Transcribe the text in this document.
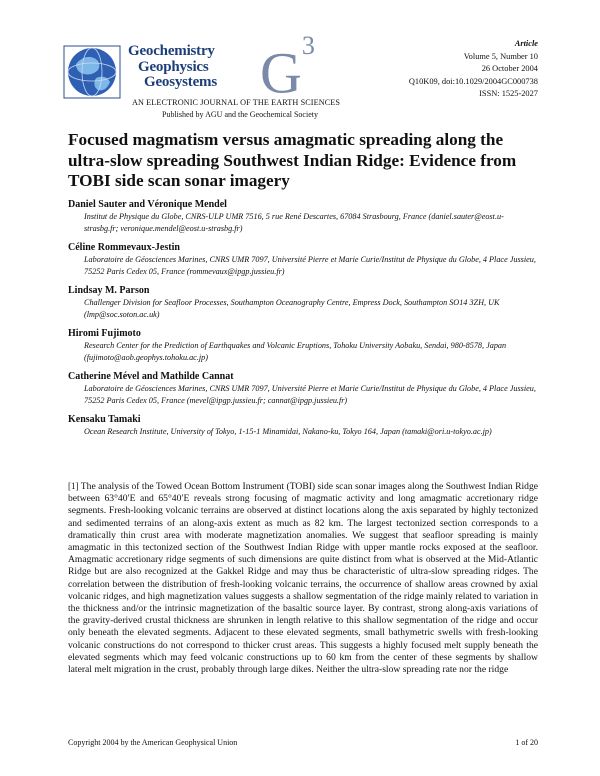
Geochemistry
Geophysics
Geosystems $G^3$
AN ELECTRONIC JOURNAL OF THE EARTH SCIENCES
Published by AGU and the Geochemical Society
Article
Volume 5, Number 10
26 October 2004
Q10K09, doi:10.1029/2004GC000738
ISSN: 1525-2027
Focused magmatism versus amagmatic spreading along the ultra-slow spreading Southwest Indian Ridge: Evidence from TOBI side scan sonar imagery
Daniel Sauter and Véronique Mendel
Institut de Physique du Globe, CNRS-ULP UMR 7516, 5 rue René Descartes, 67084 Strasbourg, France (daniel.sauter@eost.u-strasbg.fr; veronique.mendel@eost.u-strasbg.fr)
Céline Rommevaux-Jestin
Laboratoire de Géosciences Marines, CNRS UMR 7097, Université Pierre et Marie Curie/Institut de Physique du Globe, 4 Place Jussieu, 75252 Paris Cedex 05, France (rommevaux@ipgp.jussieu.fr)
Lindsay M. Parson
Challenger Division for Seafloor Processes, Southampton Oceanography Centre, Empress Dock, Southampton SO14 3ZH, UK (lmp@soc.soton.ac.uk)
Hiromi Fujimoto
Research Center for the Prediction of Earthquakes and Volcanic Eruptions, Tohoku University Aobaku, Sendai, 980-8578, Japan (fujimoto@aob.geophys.tohoku.ac.jp)
Catherine Mével and Mathilde Cannat
Laboratoire de Géosciences Marines, CNRS UMR 7097, Université Pierre et Marie Curie/Institut de Physique du Globe, 4 Place Jussieu, 75252 Paris Cedex 05, France (mevel@ipgp.jussieu.fr; cannat@ipgp.jussieu.fr)
Kensaku Tamaki
Ocean Research Institute, University of Tokyo, 1-15-1 Minamidai, Nakano-ku, Tokyo 164, Japan (tamaki@ori.u-tokyo.ac.jp)
[1] The analysis of the Towed Ocean Bottom Instrument (TOBI) side scan sonar images along the Southwest Indian Ridge between 63°40′E and 65°40′E reveals strong focusing of magmatic activity and long amagmatic accretionary ridge segments. Fresh-looking volcanic terrains are observed at distinct locations along the axis separated by highly tectonized and sedimented terrains of an along-axis extent as much as 82 km. The largest tectonized section corresponds to a dramatically thin crust area with moderate magnetization anomalies. We suggest that seafloor spreading is mainly amagmatic in this tectonized section of the Southwest Indian Ridge with upper mantle rocks exposed at the seafloor. Amagmatic accretionary ridge segments of such dimensions are quite distinct from what is observed at the Mid-Atlantic Ridge but are also recognized at the Gakkel Ridge and may thus be characteristic of ultra-slow spreading ridges. The correlation between the distribution of fresh-looking volcanic terrains, the occurrence of shallow areas crowned by axial volcanic ridges, and high magnetization values suggests a shallow segmentation of the ridge mainly related to variation in the thickness and/or the intrinsic magnetization of the basaltic source layer. By contrast, strong along-axis variations of the gravity-derived crustal thickness are shrunken in length relative to this shallow segmentation of the ridge and occur only beneath the elevated segments. Adjacent to these elevated segments, small bathymetric swells with fresh-looking volcanic constructions do not correspond to thicker crust areas. This suggests a highly focused melt supply beneath the elevated segments which may feed volcanic constructions up to 60 km from the center of these segments by shallow lateral melt migration in the crust, probably through large dikes. Neither the ultra-slow spreading rate nor the ridge
Copyright 2004 by the American Geophysical Union	1 of 20
